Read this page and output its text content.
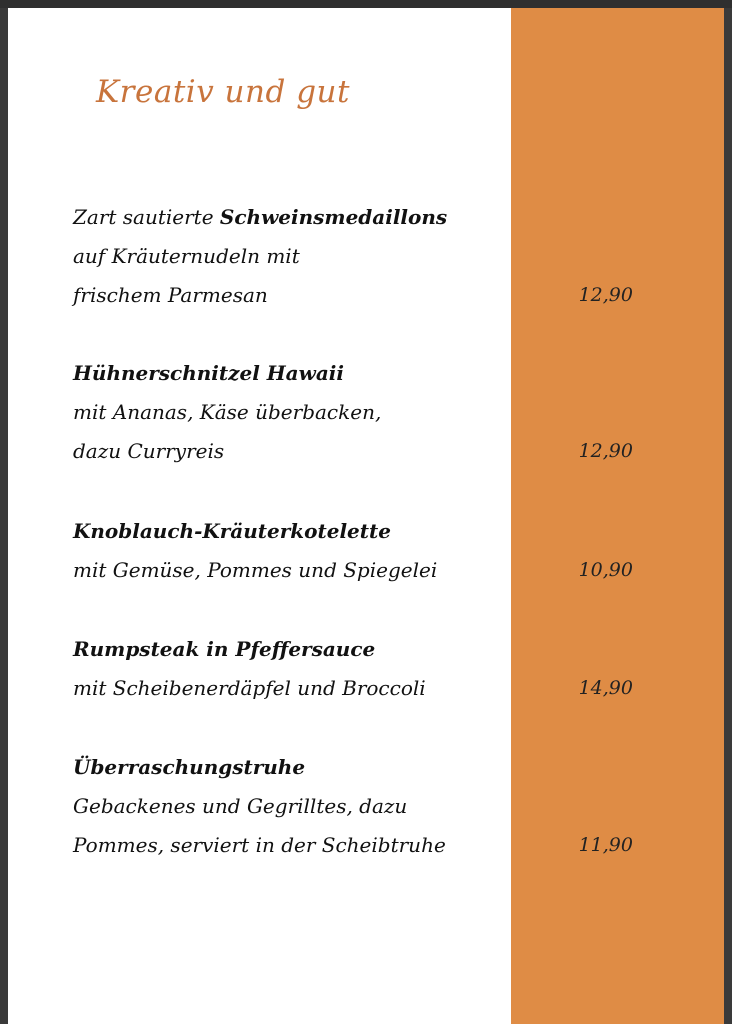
Kreativ und gut
Zart sautierte Schweinsmedaillons
auf Kräuternudeln mit
frischem Parmesan	12,90
Hühnerschnitzel Hawaii
mit Ananas, Käse überbacken,
dazu Curryreis	12,90
Knoblauch-Kräuterkotelette
mit Gemüse, Pommes und Spiegelei	10,90
Rumpsteak in Pfeffersauce
mit Scheibenerdäpfel und Broccoli	14,90
Überraschungstruhe
Gebackenes und Gegrilltes, dazu
Pommes, serviert in der Scheibtruhe	11,90
